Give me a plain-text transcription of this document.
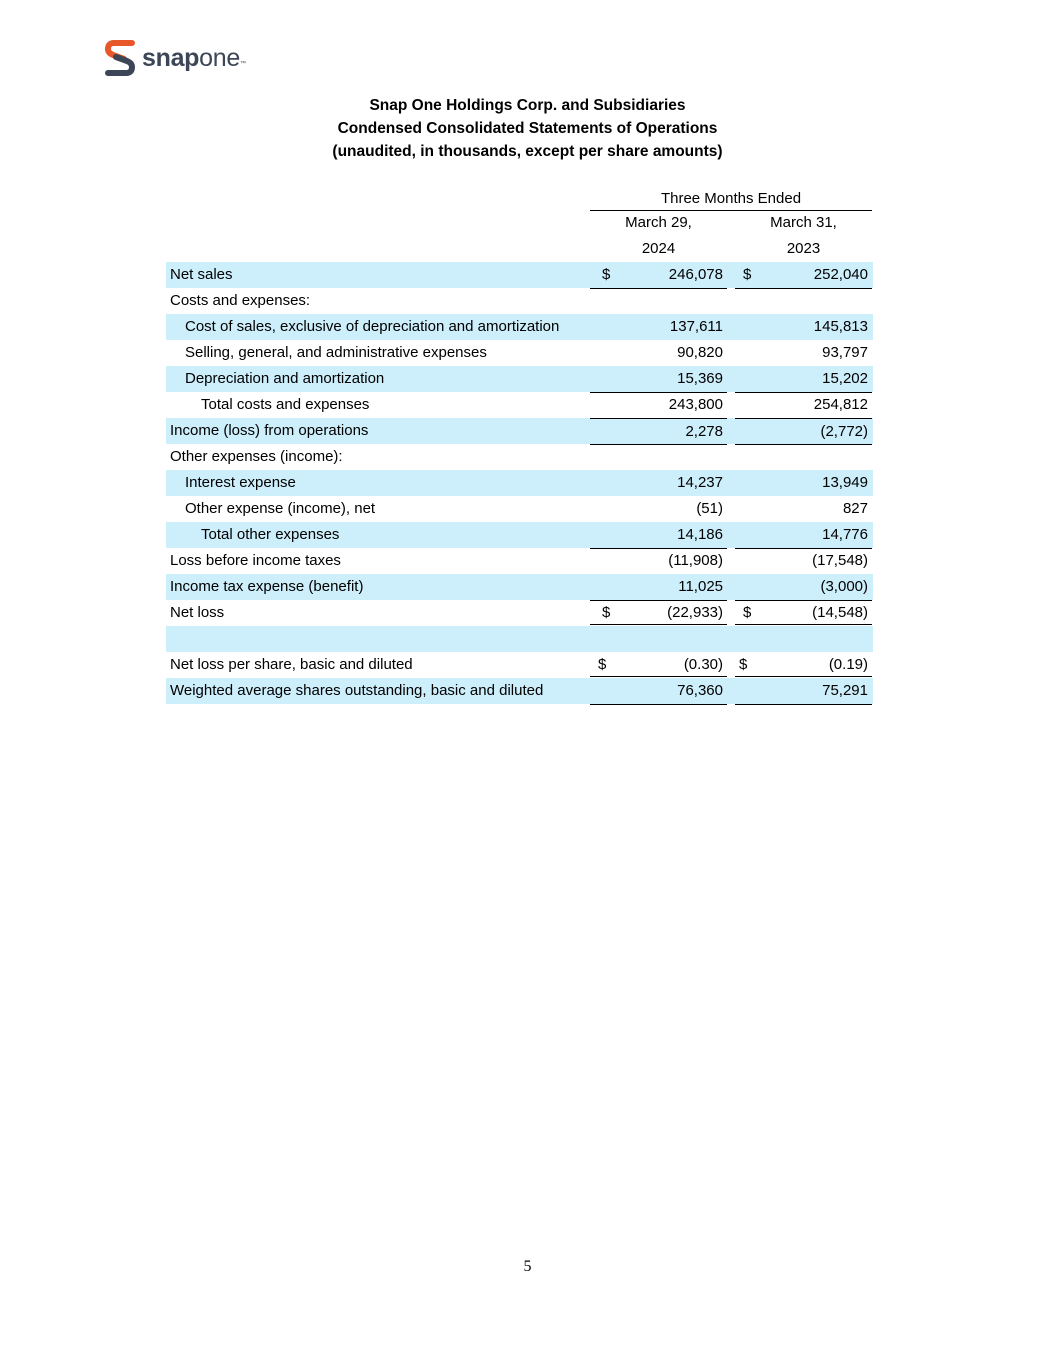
snapone™
Snap One Holdings Corp. and Subsidiaries
Condensed Consolidated Statements of Operations
(unaudited, in thousands, except per share amounts)
Three Months Ended
March 29,	March 31,
2024	2023
Net sales	$	246,078 $	252,040
Costs and expenses:
Cost of sales, exclusive of depreciation and amortization	137,611	145,813
Selling, general, and administrative expenses	90,820	93,797
Depreciation and amortization	15,369	15,202
Total costs and expenses	243,800	254,812
Income (loss) from operations	2,278	(2,772)
Other expenses (income):
Interest expense	14,237	13,949
Other expense (income), net	(51)	827
Total other expenses	14,186	14,776
Loss before income taxes	(11,908)	(17,548)
Income tax expense (benefit)	11,025	(3,000)
Net loss	$	(22,933) $	(14,548)
Net loss per share, basic and diluted	$	(0.30) $	(0.19)
Weighted average shares outstanding, basic and diluted	76,360	75,291
5
